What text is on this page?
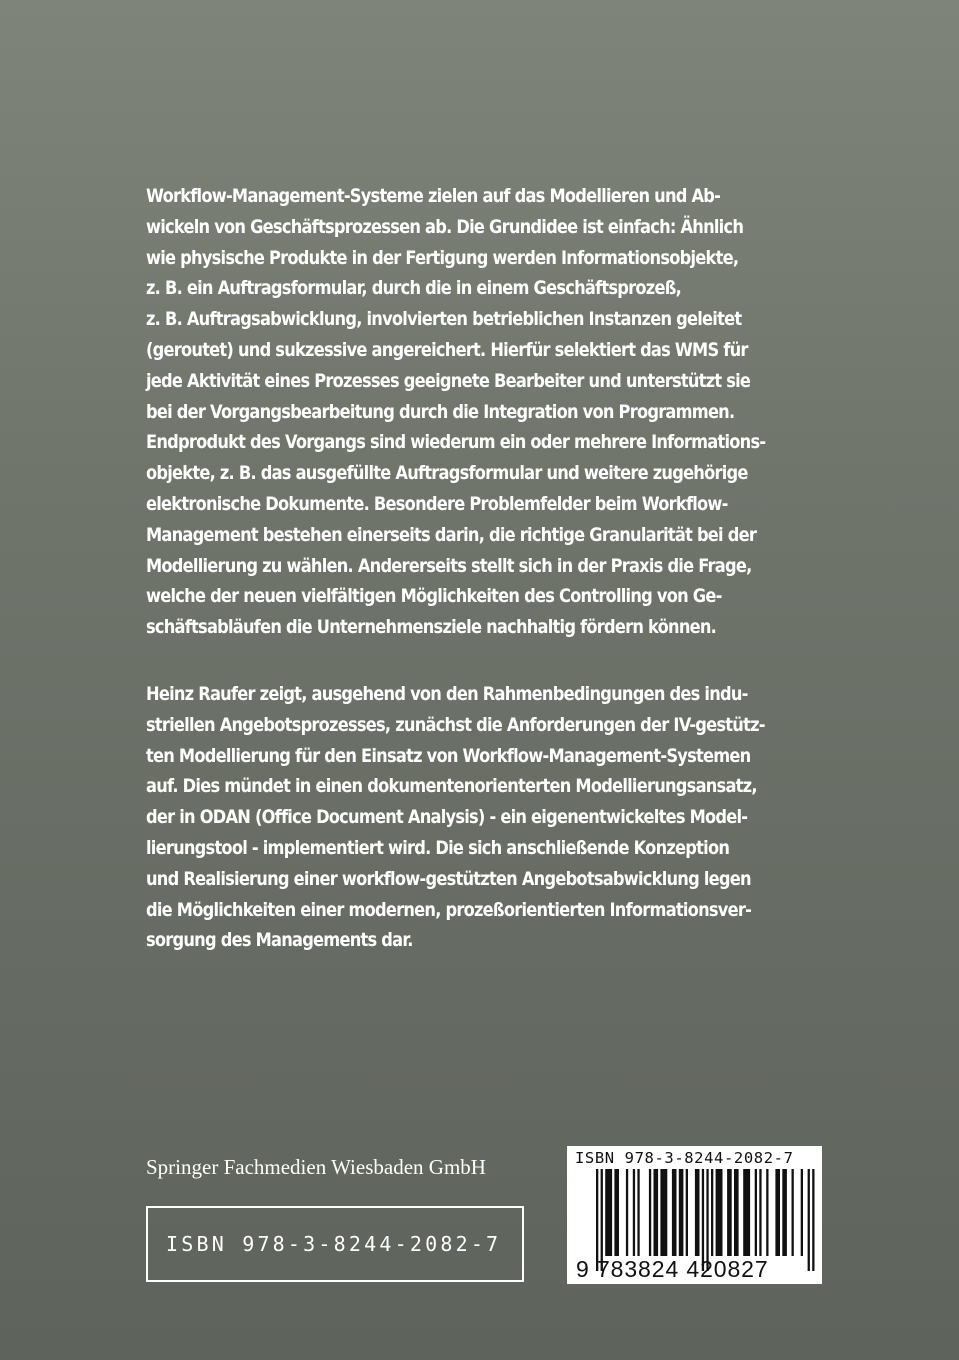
Workflow-Management-Systeme zielen auf das Modellieren und Ab-
wickeln von Geschäftsprozessen ab. Die Grundidee ist einfach: Ähnlich
wie physische Produkte in der Fertigung werden Informationsobjekte,
z. B. ein Auftragsformular, durch die in einem Geschäftsprozeß,
z. B. Auftragsabwicklung, involvierten betrieblichen Instanzen geleitet
(geroutet) und sukzessive angereichert. Hierfür selektiert das WMS für
jede Aktivität eines Prozesses geeignete Bearbeiter und unterstützt sie
bei der Vorgangsbearbeitung durch die Integration von Programmen.
Endprodukt des Vorgangs sind wiederum ein oder mehrere Informations-
objekte, z. B. das ausgefüllte Auftragsformular und weitere zugehörige
elektronische Dokumente. Besondere Problemfelder beim Workflow-
Management bestehen einerseits darin, die richtige Granularität bei der
Modellierung zu wählen. Andererseits stellt sich in der Praxis die Frage,
welche der neuen vielfältigen Möglichkeiten des Controlling von Ge-
schäftsabläufen die Unternehmensziele nachhaltig fördern können.
Heinz Raufer zeigt, ausgehend von den Rahmenbedingungen des indu-
striellen Angebotsprozesses, zunächst die Anforderungen der IV-gestütz-
ten Modellierung für den Einsatz von Workflow-Management-Systemen
auf. Dies mündet in einen dokumentenorienterten Modellierungsansatz,
der in ODAN (Office Document Analysis) - ein eigenentwickeltes Model-
lierungstool - implementiert wird. Die sich anschließende Konzeption
und Realisierung einer workflow-gestützten Angebotsabwicklung legen
die Möglichkeiten einer modernen, prozeßorientierten Informationsver-
sorgung des Managements dar.
Springer Fachmedien Wiesbaden GmbH
ISBN 978-3-8244-2082-7
ISBN 978-3-8244-2082-7
9 783824 420827
